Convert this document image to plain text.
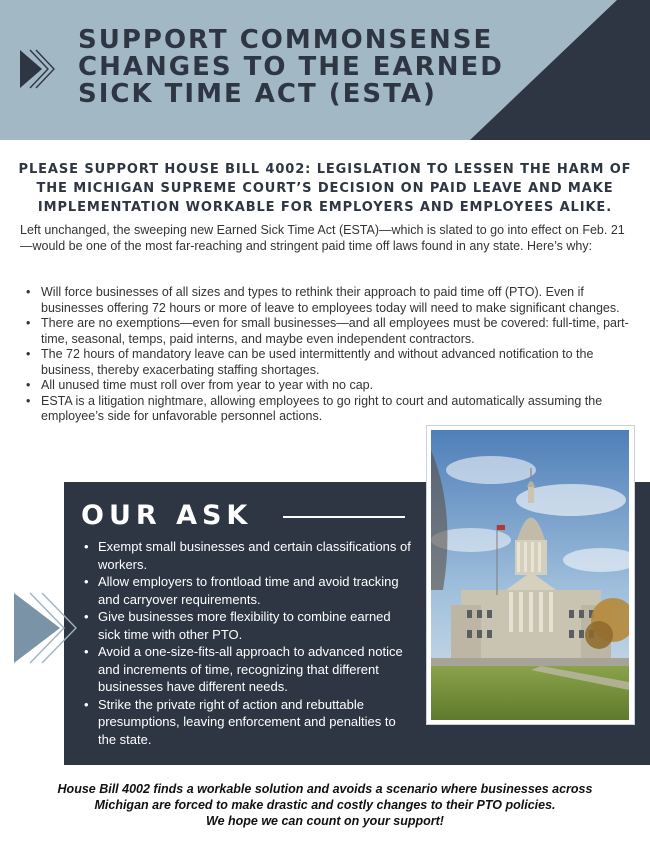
SUPPORT COMMONSENSE
CHANGES TO THE EARNED
SICK TIME ACT (ESTA)
PLEASE SUPPORT HOUSE BILL 4002: LEGISLATION TO LESSEN THE HARM OF
THE MICHIGAN SUPREME COURT’S DECISION ON PAID LEAVE AND MAKE
IMPLEMENTATION WORKABLE FOR EMPLOYERS AND EMPLOYEES ALIKE.

Left unchanged, the sweeping new Earned Sick Time Act (ESTA)—which is slated to go into effect on Feb. 21—would be one of the most far-reaching and stringent paid time off laws found in any state. Here’s why:

• Will force businesses of all sizes and types to rethink their approach to paid time off (PTO). Even if businesses offering 72 hours or more of leave to employees today will need to make significant changes.
• There are no exemptions—even for small businesses—and all employees must be covered: full-time, part-time, seasonal, temps, paid interns, and maybe even independent contractors.
• The 72 hours of mandatory leave can be used intermittently and without advanced notification to the business, thereby exacerbating staffing shortages.
• All unused time must roll over from year to year with no cap.
• ESTA is a litigation nightmare, allowing employees to go right to court and automatically assuming the employee’s side for unfavorable personnel actions.
OUR ASK
• Exempt small businesses and certain classifications of workers.
• Allow employers to frontload time and avoid tracking and carryover requirements.
• Give businesses more flexibility to combine earned sick time with other PTO.
• Avoid a one-size-fits-all approach to advanced notice and increments of time, recognizing that different businesses have different needs.
• Strike the private right of action and rebuttable presumptions, leaving enforcement and penalties to the state.
House Bill 4002 finds a workable solution and avoids a scenario where businesses across
Michigan are forced to make drastic and costly changes to their PTO policies.
We hope we can count on your support!
